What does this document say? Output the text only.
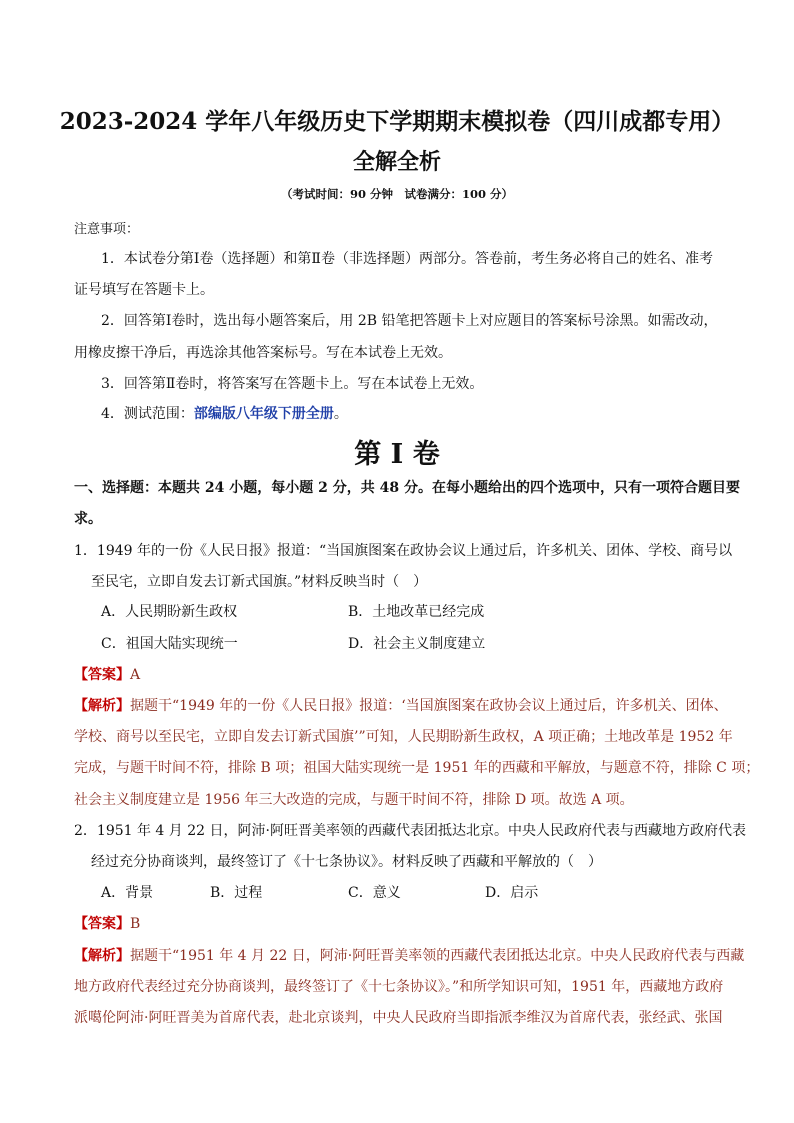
2023-2024 学年八年级历史下学期期末模拟卷（四川成都专用）
全解全析
（考试时间：90 分钟　试卷满分：100 分）
注意事项：
1．本试卷分第Ⅰ卷（选择题）和第Ⅱ卷（非选择题）两部分。答卷前，考生务必将自己的姓名、准考
证号填写在答题卡上。
2．回答第Ⅰ卷时，选出每小题答案后，用 2B 铅笔把答题卡上对应题目的答案标号涂黑。如需改动，
用橡皮擦干净后，再选涂其他答案标号。写在本试卷上无效。
3．回答第Ⅱ卷时，将答案写在答题卡上。写在本试卷上无效。
4．测试范围：部编版八年级下册全册。
第 I 卷
一、选择题：本题共 24 小题，每小题 2 分，共 48 分。在每小题给出的四个选项中，只有一项符合题目要
求。
1．1949 年的一份《人民日报》报道：“当国旗图案在政协会议上通过后，许多机关、团体、学校、商号以
至民宅，立即自发去订新式国旗。”材料反映当时（　）
A．人民期盼新生政权	B．土地改革已经完成
C．祖国大陆实现统一	D．社会主义制度建立
【答案】A
【解析】据题干“1949 年的一份《人民日报》报道：‘当国旗图案在政协会议上通过后，许多机关、团体、
学校、商号以至民宅，立即自发去订新式国旗’”可知，人民期盼新生政权，A 项正确；土地改革是 1952 年
完成，与题干时间不符，排除 B 项；祖国大陆实现统一是 1951 年的西藏和平解放，与题意不符，排除 C 项；
社会主义制度建立是 1956 年三大改造的完成，与题干时间不符，排除 D 项。故选 A 项。
2．1951 年 4 月 22 日，阿沛·阿旺晋美率领的西藏代表团抵达北京。中央人民政府代表与西藏地方政府代表
经过充分协商谈判，最终签订了《十七条协议》。材料反映了西藏和平解放的（　）
A．背景	B．过程	C．意义	D．启示
【答案】B
【解析】据题干“1951 年 4 月 22 日，阿沛·阿旺晋美率领的西藏代表团抵达北京。中央人民政府代表与西藏
地方政府代表经过充分协商谈判，最终签订了《十七条协议》。”和所学知识可知，1951 年，西藏地方政府
派噶伦阿沛·阿旺晋美为首席代表，赴北京谈判，中央人民政府当即指派李维汉为首席代表，张经武、张国
